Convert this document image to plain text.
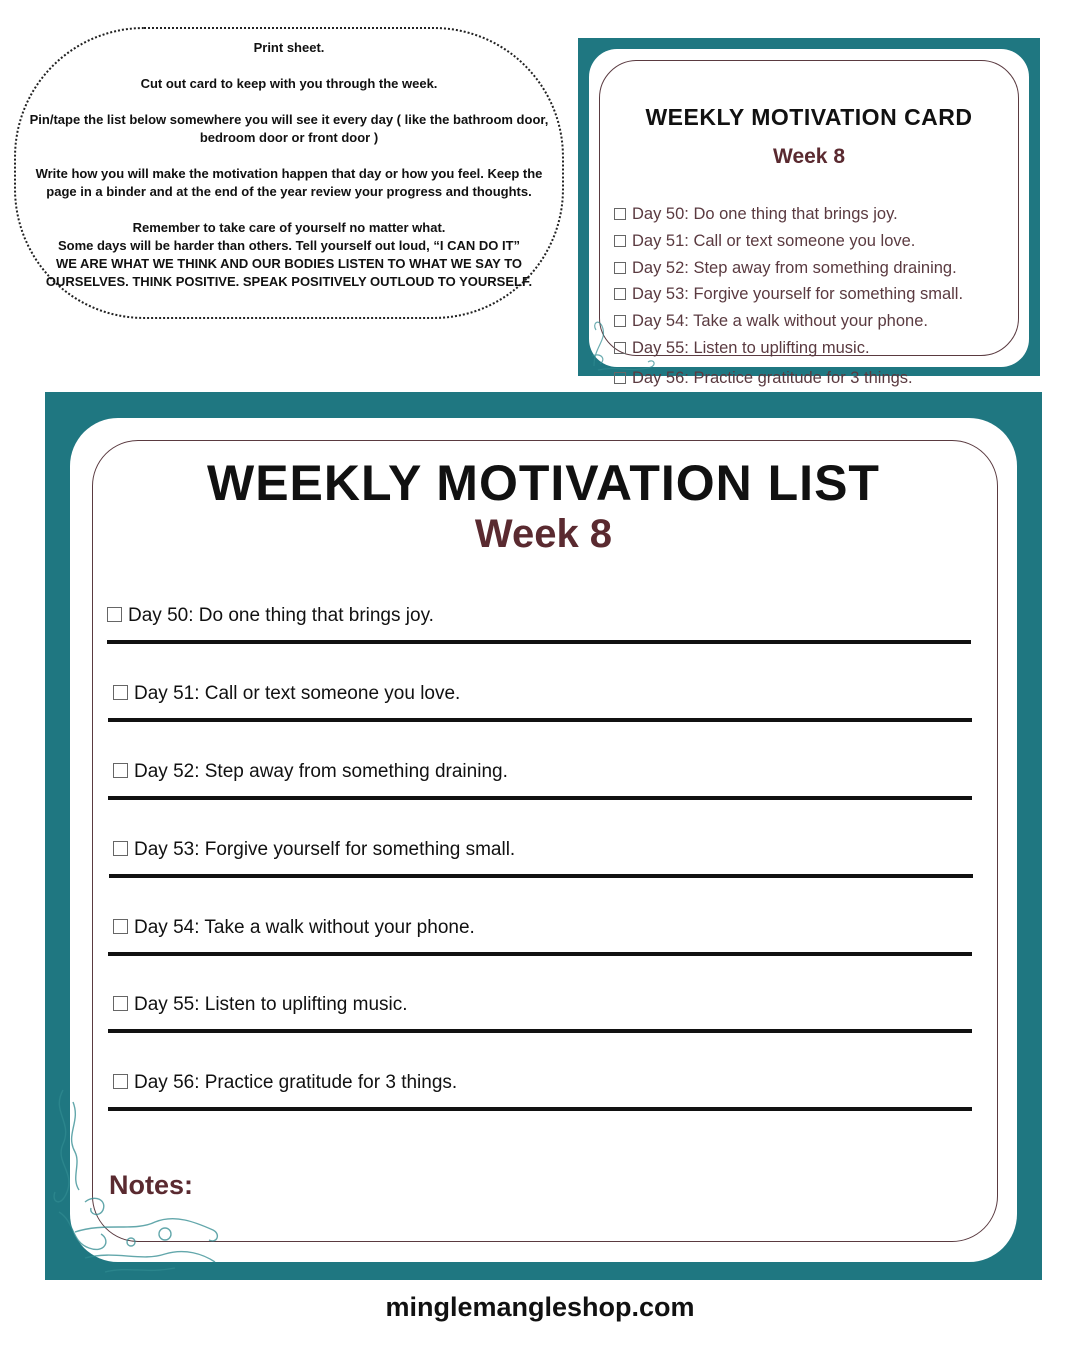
Print sheet.

Cut out card to keep with you through the week.

Pin/tape the list below somewhere you will see it every day ( like the bathroom door, bedroom door or front door )

Write how you will make the motivation happen that day or how you feel. Keep the page in a binder and at the end of the year review your progress and thoughts.

Remember to take care of yourself no matter what.

Some days will be harder than others. Tell yourself out loud, “I CAN DO IT”

WE ARE WHAT WE THINK AND OUR BODIES LISTEN TO WHAT WE SAY TO OURSELVES. THINK POSITIVE. SPEAK POSITIVELY OUTLOUD TO YOURSELF.

WEEKLY MOTIVATION CARD
Week 8
Day 50: Do one thing that brings joy.
Day 51: Call or text someone you love.
Day 52: Step away from something draining.
Day 53: Forgive yourself for something small.
Day 54: Take a walk without your phone.
Day 55: Listen to uplifting music.
Day 56: Practice gratitude for 3 things.
WEEKLY MOTIVATION LIST
Week 8
Day 50: Do one thing that brings joy.
Day 51: Call or text someone you love.
Day 52: Step away from something draining.
Day 53: Forgive yourself for something small.
Day 54: Take a walk without your phone.
Day 55: Listen to uplifting music.
Day 56: Practice gratitude for 3 things.
Notes:
minglemangleshop.com
